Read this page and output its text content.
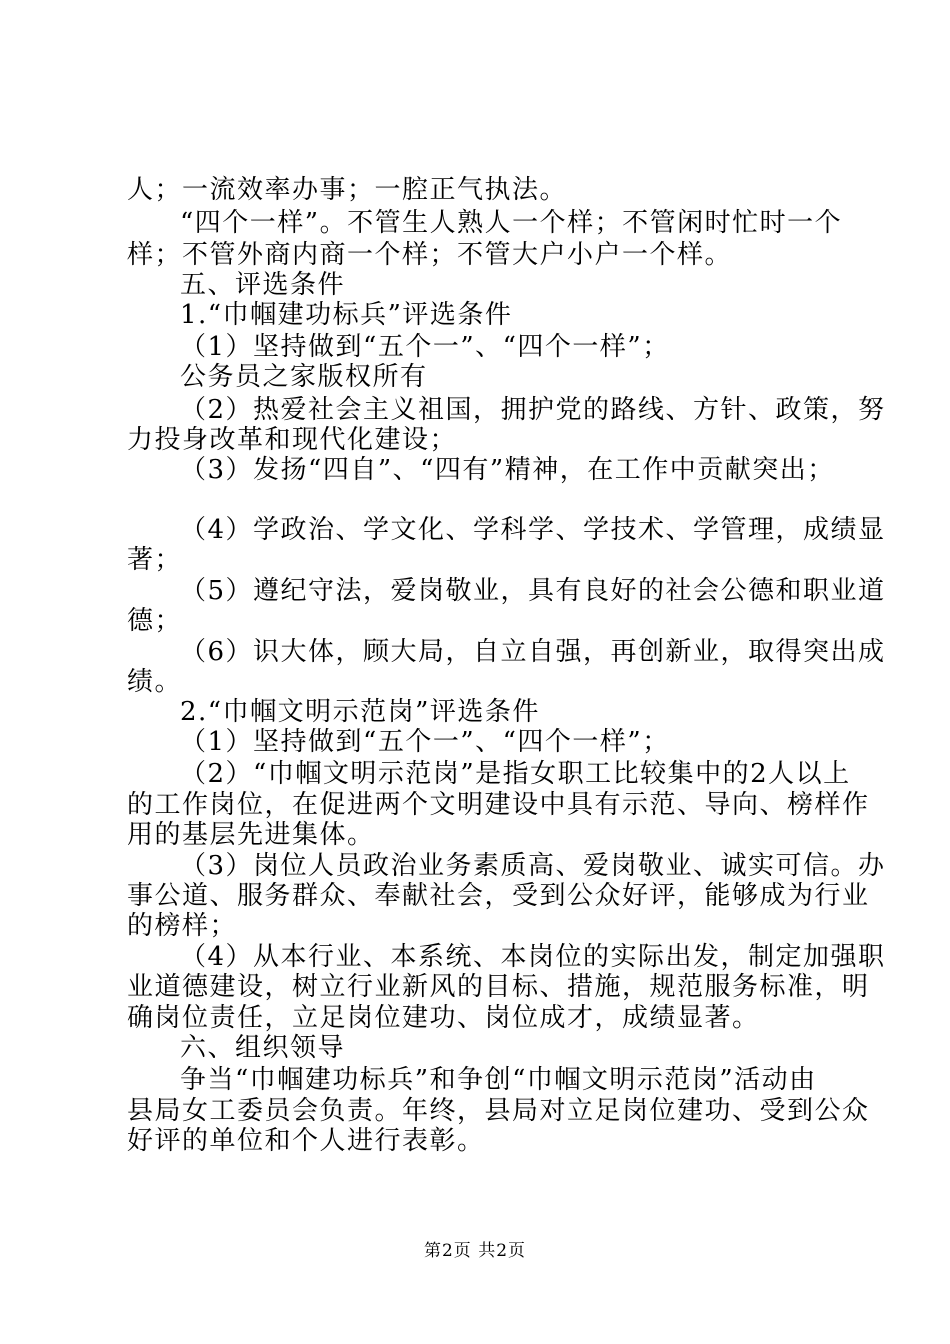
人；一流效率办事；一腔正气执法。
“四个一样”。不管生人熟人一个样；不管闲时忙时一个
样；不管外商内商一个样；不管大户小户一个样。
五、评选条件
1.“巾帼建功标兵”评选条件
（1）坚持做到“五个一”、“四个一样”；
公务员之家版权所有
（2）热爱社会主义祖国，拥护党的路线、方针、政策，努
力投身改革和现代化建设；
（3）发扬“四自”、“四有”精神，在工作中贡献突出；
（4）学政治、学文化、学科学、学技术、学管理，成绩显
著；
（5）遵纪守法，爱岗敬业，具有良好的社会公德和职业道
德；
（6）识大体，顾大局，自立自强，再创新业，取得突出成
绩。
2.“巾帼文明示范岗”评选条件
（1）坚持做到“五个一”、“四个一样”；
（2）“巾帼文明示范岗”是指女职工比较集中的2人以上
的工作岗位，在促进两个文明建设中具有示范、导向、榜样作
用的基层先进集体。
（3）岗位人员政治业务素质高、爱岗敬业、诚实可信。办
事公道、服务群众、奉献社会，受到公众好评，能够成为行业
的榜样；
（4）从本行业、本系统、本岗位的实际出发，制定加强职
业道德建设，树立行业新风的目标、措施，规范服务标准，明
确岗位责任，立足岗位建功、岗位成才，成绩显著。
六、组织领导
争当“巾帼建功标兵”和争创“巾帼文明示范岗”活动由
县局女工委员会负责。年终，县局对立足岗位建功、受到公众
好评的单位和个人进行表彰。
第2页 共2页
